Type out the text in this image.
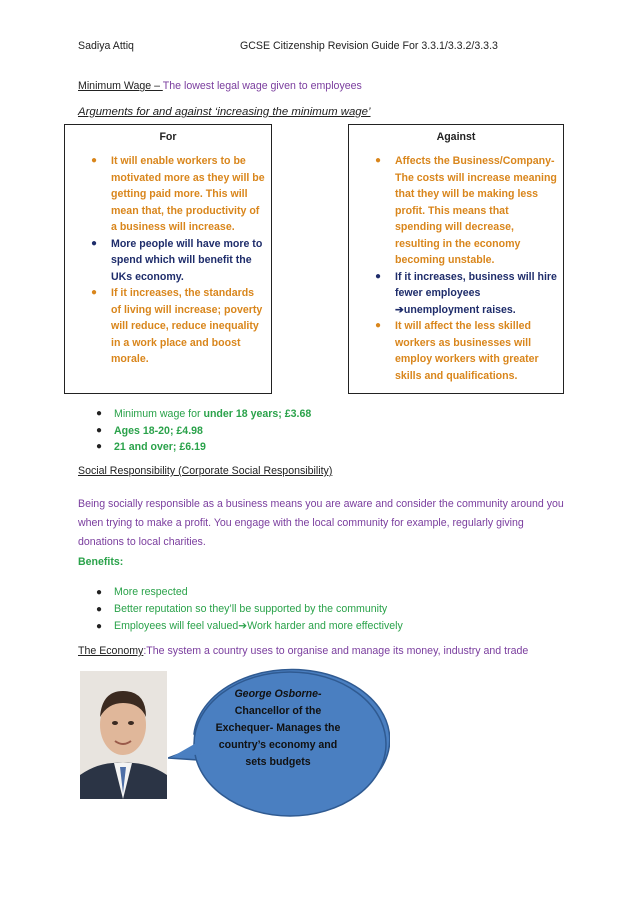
Sadiya Attiq	GCSE Citizenship Revision Guide For 3.3.1/3.3.2/3.3.3
Minimum Wage – The lowest legal wage given to employees
Arguments for and against ‘increasing the minimum wage’
For
● It will enable workers to be motivated more as they will be getting paid more. This will mean that, the productivity of a business will increase.
● More people will have more to spend which will benefit the UKs economy.
● If it increases, the standards of living will increase; poverty will reduce, reduce inequality in a work place and boost morale.
Against
● Affects the Business/Company- The costs will increase meaning that they will be making less profit. This means that spending will decrease, resulting in the economy becoming unstable.
● If it increases, business will hire fewer employees
➔unemployment raises.
● It will affect the less skilled workers as businesses will employ workers with greater skills and qualifications.
● Minimum wage for under 18 years; £3.68
● Ages 18-20; £4.98
● 21 and over; £6.19
Social Responsibility (Corporate Social Responsibility)
Being socially responsible as a business means you are aware and consider the community around you when trying to make a profit. You engage with the local community for example, regularly giving donations to local charities.
Benefits:
● More respected
● Better reputation so they’ll be supported by the community
● Employees will feel valued➔Work harder and more effectively
The Economy:The system a country uses to organise and manage its money, industry and trade
George Osborne-
Chancellor of the Exchequer- Manages the country’s economy and sets budgets
